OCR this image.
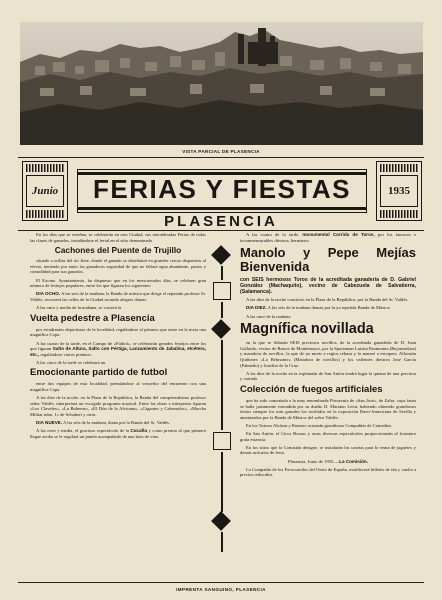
VISTA PARCIAL DE PLASENCIA
Junio	FERIAS Y FIESTAS	1935
PLASENCIA

En los días que se reseñan, se celebrarán en esta Ciudad, sus renombradas Ferias de todas las clases de ganados, instalándose el ferial en el sitio denominado

Cachones del Puente de Trujillo

situado a orillas del río Jerte, donde el ganado se distribuirá en grandes cercas dispuestas al efecto, teniendo por tanto los ganaderos seguridad de que no faltará agua abundante, pastos y comodidad para sus ganados.

El Excmo. Ayuntamiento, ha dispuesto que en los mencionados días, se celebren gran número de festejos populares, entre los que figuran los siguientes:

DIA OCHO. A las seis de la mañana, la Banda de música que dirige el reputado profesor Sr. Valdés, recorrerá las calles de la Ciudad tocando alegres dianas.

A las once y media de la mañana, se correrá la

Vuelta pedestre a Plasencia

por estudiantes deportistas de la localidad, regalándose al primero que entre en la meta una magnífica Copa.

A las cuatro de la tarde, en el Campo de «Fútbol», se celebrarán grandes festejos entre los que figuran Salto de Altura, Salto con Pértiga, Lanzamiento de Jabalina, etcétera, etc., regalándose varios premios.

A las cinco de la tarde se celebrará un

Emocionante partido de futbol

entre dos equipos de esta localidad, premiándose al vencedor del encuentro con una magnífica Copa.

A las diez de la noche, en la Plaza de la República, la Banda del competentísimo profesor señor Valdés, interpretará un escogido programa musical. Entre las obras a interpretar figuran «Los Claveles», «La Boheme», «El Dúo de la Africana», «Gigantes y Cabezudos», «Marcha Militar núm. 1» de Schubert y otras.

DIA NUEVE. A las seis de la mañana, diana por la Banda del Sr. Valdés.

A las once y media, el gracioso espectáculo de la Cucaña y como premio al que primero llegue arriba se le regalará un jamón acompañado de una bota de vino.

A las cuatro de la tarde, monumental Corrida de Toros, por los famosos e inconmensurables diestros, hermanos

Manolo y Pepe Mejías Bienvenida
con SEIS hermosos Toros de la acreditada ganadería de D. Gabriel González (Machaquito), vecino de Cabezuela de Salvatierra, (Salamanca).

A las diez de la noche concierto en la Plaza de la República, por la Banda del Sr. Valdés.

DIA DIEZ. A las seis de la mañana dianas por la ya repetida Banda de Música.

A las once de la mañana

Magnífica novillada

en la que se lidiarán SEIS preciosos novillos, de la acreditada ganadería de D. Juan Gallardo, vecino de Barros de Montemayor, por la Sportsman Luisita Paramonta (Rejoneadora) y matadora de novillos, la que de no morir a regíos rehusa y la mataré a estoques; Alfonsita Quiñones «La Belmonte» (Matadora de novillos) y los valientes diestros José García (Palmeño) y Josefito de la Cruz.

A las diez de la noche en la explanada de San Antón tendrá lugar la quema de una preciosa y variada

Colección de fuegos artificiales

que ha sido contratada a la muy renombrada Pirotecnia de «San José», de Zafra, cuya fama se halla justamente extendida por su dueño D. Mariano León, habiendo obtenido grandiosos éxitos siempre los más grandes los recibidos en la exposición Ibero-Americana de Sevilla y amenizados por la Banda de Música del señor Valdés.

En los Teatros Alcázar y Romero actuarán grandiosas Compañías de Comedias.

En San Antón, el Circo Borzas y otras diversas espectáculos proporcionarán al forastero grata estancia.

En los sitios que la Comisión designe, se instalarán las casetas para la venta de juguetes y demás artículos de feria.

Plasencia, Junio de 1935.—La Comisión.

La Compañía de los Ferrocarriles del Oeste de España, establecerá billetes de ida y vuelta a precios reducidos.

IMPRENTA SANGUINO, PLASENCIA
